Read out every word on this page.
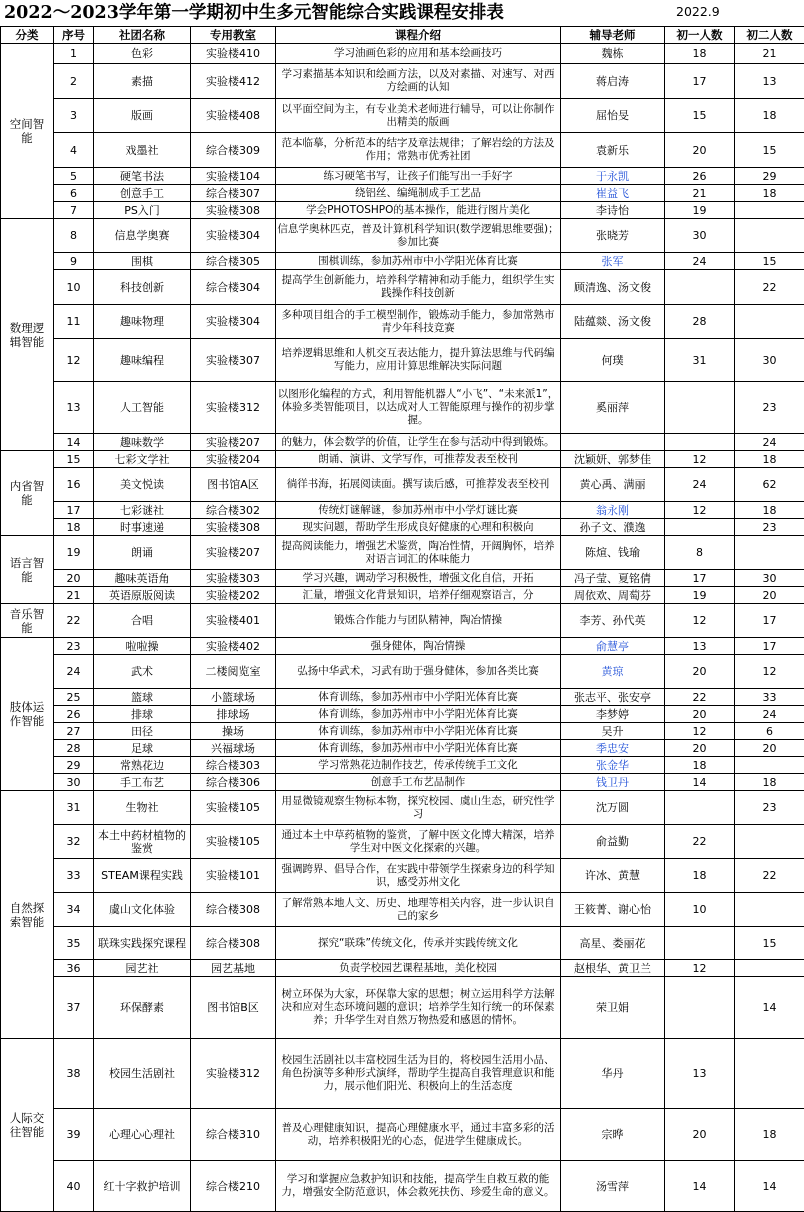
2022～2023学年第一学期初中生多元智能综合实践课程安排表	2022.9
分类	序号	社团名称	专用教室	课程介绍	辅导老师	初一人数	初二人数
空间智能	1	色彩	实验楼410	学习油画色彩的应用和基本绘画技巧	魏栋	18	21
	2	素描	实验楼412	学习素描基本知识和绘画方法，以及对素描、对速写、对西方绘画的认知	蒋启涛	17	13
	3	版画	实验楼408	以平面空间为主，有专业美术老师进行辅导，可以让你制作出精美的版画	屈怡旻	15	18
	4	戏墨社	综合楼309	范本临摹，分析范本的结字及章法规律；了解岩绘的方法及作用；常熟市优秀社团	袁新乐	20	15
	5	硬笔书法	实验楼104	练习硬笔书写，让孩子们能写出一手好字	于永凯	26	29
	6	创意手工	综合楼307	绕铝丝、编绳制成手工艺品	崔益飞	21	18
	7	PS入门	实验楼308	学会PHOTOSHPO的基本操作，能进行图片美化	李诗怡	19	
数理逻辑智能	8	信息学奥赛	实验楼304	信息学奥林匹克，普及计算机科学知识(数学逻辑思维要强)；参加比赛	张晓芳	30	
	9	围棋	综合楼305	围棋训练，参加苏州市中小学阳光体育比赛	张军	24	15
	10	科技创新	综合楼304	提高学生创新能力，培养科学精神和动手能力，组织学生实践操作科技创新	顾清逸、汤文俊		22
	11	趣味物理	实验楼304	多种项目组合的手工模型制作，锻炼动手能力，参加常熟市青少年科技竞赛	陆蕴燚、汤文俊	28	
	12	趣味编程	实验楼307	培养逻辑思维和人机交互表达能力，提升算法思维与代码编写能力，应用计算思维解决实际问题	何璞	31	30
	13	人工智能	实验楼312	以图形化编程的方式，利用智能机器人“小飞”、“未来派1”，体验多类智能项目，以达成对人工智能原理与操作的初步掌握。	奚丽萍		23
	14	趣味数学	实验楼207	的魅力，体会数学的价值，让学生在参与活动中得到锻炼。			24
内省智能	15	七彩文学社	实验楼204	朗诵、演讲、文学写作，可推荐发表至校刊	沈颖妍、郭梦佳	12	18
	16	美文悦读	图书馆A区	徜徉书海，拓展阅读面。撰写读后感，可推荐发表至校刊	黄心禹、满丽	24	62
	17	七彩谜社	综合楼302	传统灯谜解谜，参加苏州市中小学灯谜比赛	翁永刚	12	18
	18	时事速递	实验楼308	现实问题，帮助学生形成良好健康的心理和积极向	孙子文、濮逸		23
语言智能	19	朗诵	实验楼207	提高阅读能力，增强艺术鉴赏，陶冶性情，开阔胸怀，培养对语言词汇的体味能力	陈煊、钱瑜	8	
	20	趣味英语角	实验楼303	学习兴趣，调动学习积极性，增强文化自信，开拓	冯子莹、夏铭倩	17	30
	21	英语原版阅读	实验楼202	汇量，增强文化背景知识，培养仔细观察语言，分	周依欢、周萄芬	19	20
音乐智能	22	合唱	实验楼401	锻炼合作能力与团队精神，陶冶情操	李芳、孙代英	12	17
肢体运作智能	23	啦啦操	实验楼402	强身健体，陶冶情操	俞慧亭	13	17
	24	武术	二楼阅览室	弘扬中华武术，习武有助于强身健体，参加各类比赛	黄琼	20	12
	25	篮球	小篮球场	体育训练，参加苏州市中小学阳光体育比赛	张志平、张安亭	22	33
	26	排球	排球场	体育训练，参加苏州市中小学阳光体育比赛	李梦婷	20	24
	27	田径	操场	体育训练，参加苏州市中小学阳光体育比赛	吴升	12	6
	28	足球	兴福球场	体育训练，参加苏州市中小学阳光体育比赛	季忠安	20	20
	29	常熟花边	综合楼303	学习常熟花边制作技艺，传承传统手工文化	张金华	18	
	30	手工布艺	综合楼306	创意手工布艺品制作	钱卫丹	14	18
自然探索智能	31	生物社	实验楼105	用显微镜观察生物标本物，探究校园、虞山生态，研究性学习	沈万圆		23
	32	本土中药材植物的鉴赏	实验楼105	通过本土中草药植物的鉴赏，了解中医文化博大精深，培养学生对中医文化探索的兴趣。	俞益勤	22	
	33	STEAM课程实践	实验楼101	强调跨界、倡导合作，在实践中带领学生探索身边的科学知识，感受苏州文化	许冰、黄慧	18	22
	34	虞山文化体验	综合楼308	了解常熟本地人文、历史、地理等相关内容，进一步认识自己的家乡	王筱菁、谢心怡	10	
	35	联珠实践探究课程	综合楼308	探究“联珠”传统文化，传承并实践传统文化	高星、娄丽花		15
	36	园艺社	园艺基地	负责学校园艺课程基地，美化校园	赵根华、黄卫兰	12	
	37	环保酵素	图书馆B区	树立环保为大家，环保靠大家的思想；树立运用科学方法解决和应对生态环境问题的意识；培养学生知行统一的环保素养；升华学生对自然万物热爱和感恩的情怀。	荣卫娟		14
人际交往智能	38	校园生活剧社	实验楼312	校园生活剧社以丰富校园生活为目的，将校园生活用小品、角色扮演等多种形式演绎，帮助学生提高自我管理意识和能力，展示他们阳光、积极向上的生活态度	华丹	13	
	39	心理心心理社	综合楼310	普及心理健康知识，提高心理健康水平，通过丰富多彩的活动，培养积极阳光的心态，促进学生健康成长。	宗晔	20	18
	40	红十字救护培训	综合楼210	学习和掌握应急救护知识和技能，提高学生自救互救的能力，增强安全防范意识，体会救死扶伤、珍爱生命的意义。	汤雪萍	14	14
